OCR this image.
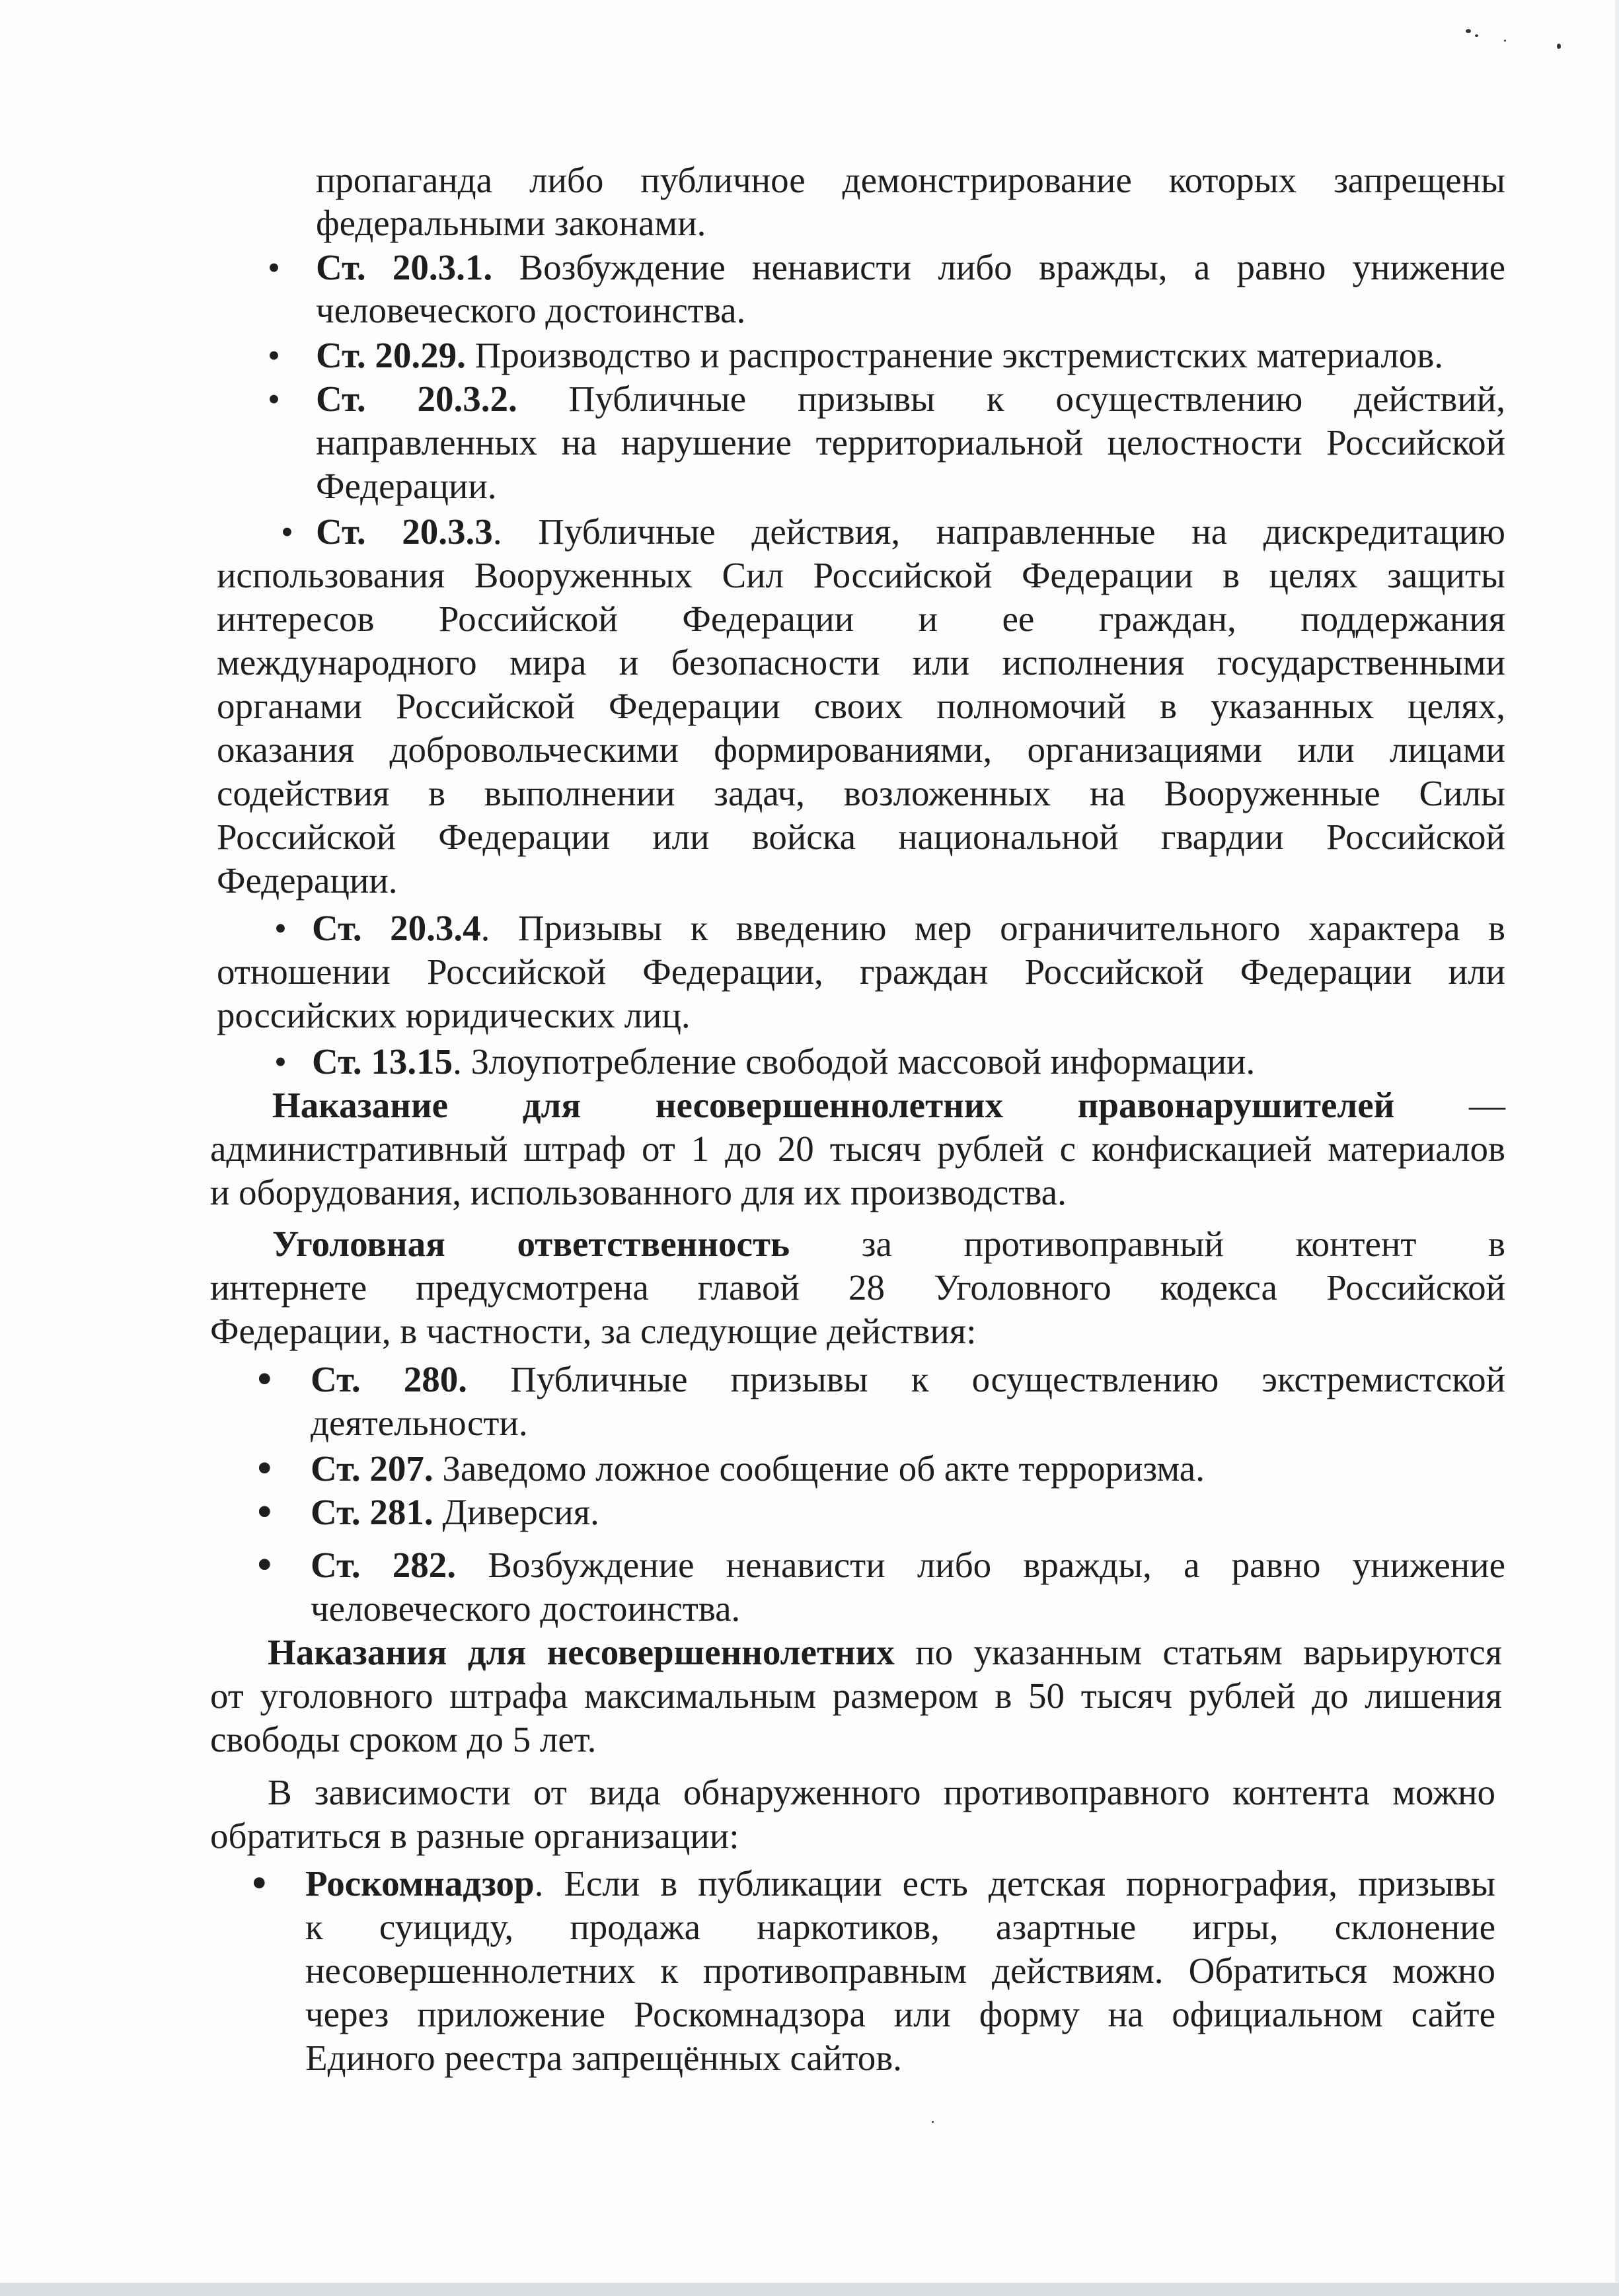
пропаганда либо публичное демонстрирование которых запрещены
федеральными законами.
• Ст. 20.3.1. Возбуждение ненависти либо вражды, а равно унижение
человеческого достоинства.
• Ст. 20.29. Производство и распространение экстремистских материалов.
• Ст. 20.3.2. Публичные призывы к осуществлению действий,
направленных на нарушение территориальной целостности Российской
Федерации.
• Ст. 20.3.3. Публичные действия, направленные на дискредитацию
использования Вооруженных Сил Российской Федерации в целях защиты
интересов Российской Федерации и ее граждан, поддержания
международного мира и безопасности или исполнения государственными
органами Российской Федерации своих полномочий в указанных целях,
оказания добровольческими формированиями, организациями или лицами
содействия в выполнении задач, возложенных на Вооруженные Силы
Российской Федерации или войска национальной гвардии Российской
Федерации.
• Ст. 20.3.4. Призывы к введению мер ограничительного характера в
отношении Российской Федерации, граждан Российской Федерации или
российских юридических лиц.
• Ст. 13.15. Злоупотребление свободой массовой информации.
Наказание для несовершеннолетних правонарушителей —
административный штраф от 1 до 20 тысяч рублей с конфискацией материалов
и оборудования, использованного для их производства.
Уголовная ответственность за противоправный контент в
интернете предусмотрена главой 28 Уголовного кодекса Российской
Федерации, в частности, за следующие действия:
• Ст. 280. Публичные призывы к осуществлению экстремистской
деятельности.
• Ст. 207. Заведомо ложное сообщение об акте терроризма.
• Ст. 281. Диверсия.
• Ст. 282. Возбуждение ненависти либо вражды, а равно унижение
человеческого достоинства.
Наказания для несовершеннолетних по указанным статьям варьируются
от уголовного штрафа максимальным размером в 50 тысяч рублей до лишения
свободы сроком до 5 лет.
В зависимости от вида обнаруженного противоправного контента можно
обратиться в разные организации:
• Роскомнадзор. Если в публикации есть детская порнография, призывы
к суициду, продажа наркотиков, азартные игры, склонение
несовершеннолетних к противоправным действиям. Обратиться можно
через приложение Роскомнадзора или форму на официальном сайте
Единого реестра запрещённых сайтов.
